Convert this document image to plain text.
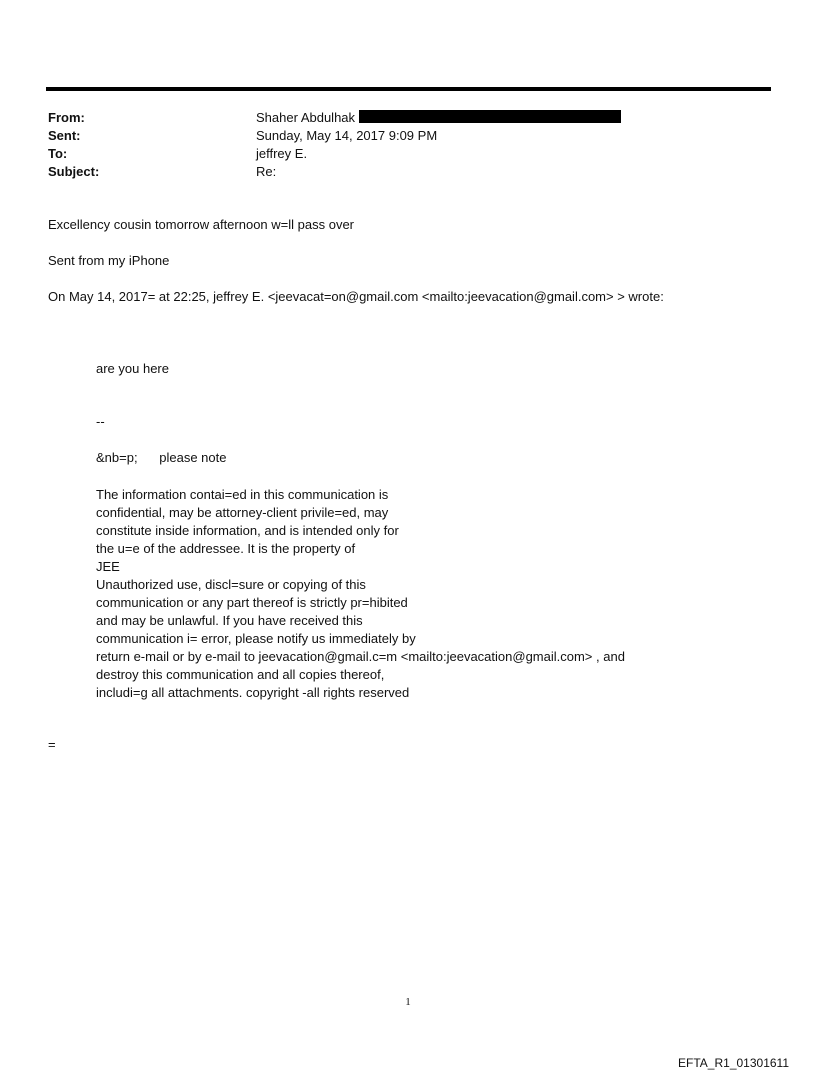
From:	Shaher Abdulhak
Sent:	Sunday, May 14, 2017 9:09 PM
To:	jeffrey E.
Subject:	Re:
Excellency cousin tomorrow afternoon w=ll pass over
Sent from my iPhone
On May 14, 2017= at 22:25, jeffrey E. <jeevacat=on@gmail.com <mailto:jeevacation@gmail.com> > wrote:
are you here
--
&nb=p;      please note
The information contai=ed in this communication is
confidential, may be attorney-client privile=ed, may
constitute inside information, and is intended only for
the u=e of the addressee. It is the property of
JEE
Unauthorized use, discl=sure or copying of this
communication or any part thereof is strictly pr=hibited
and may be unlawful. If you have received this
communication i= error, please notify us immediately by
return e-mail or by e-mail to jeevacation@gmail.c=m <mailto:jeevacation@gmail.com> , and
destroy this communication and all copies thereof,
includi=g all attachments. copyright -all rights reserved
=
1
EFTA_R1_01301611
